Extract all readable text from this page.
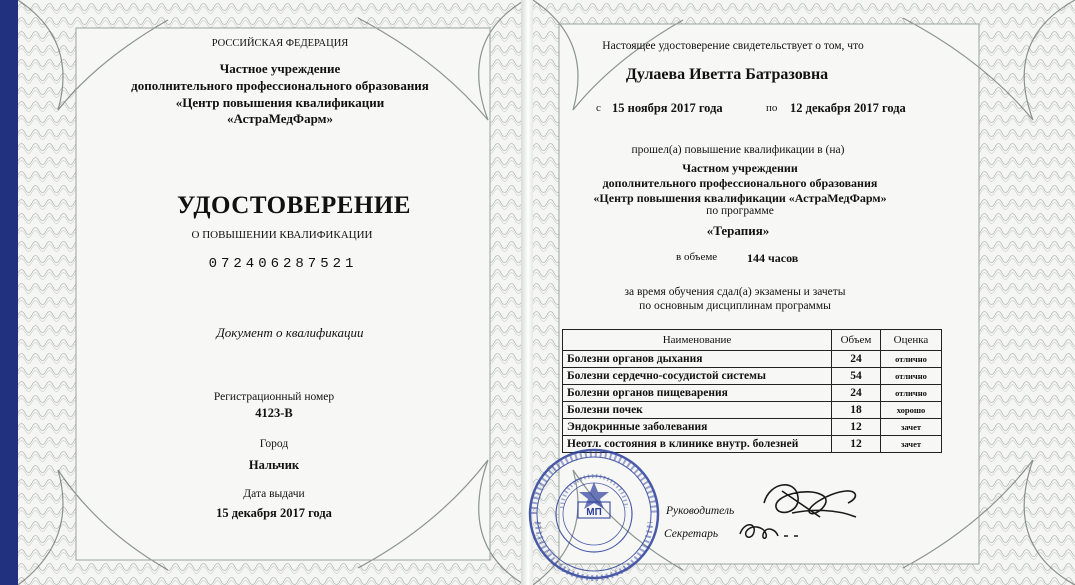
РОССИЙСКАЯ ФЕДЕРАЦИЯ
Частное учреждение
дополнительного профессионального образования
«Центр повышения квалификации
«АстраМедФарм»
УДОСТОВЕРЕНИЕ
О ПОВЫШЕНИИ КВАЛИФИКАЦИИ
072406287521
Документ о квалификации
Регистрационный номер
4123-В
Город
Нальчик
Дата выдачи
15 декабря 2017 года
Настоящее удостоверение свидетельствует о том, что
Дулаева Иветта Батразовна
с 15 ноября 2017 года	по 12 декабря 2017 года
прошел(а) повышение квалификации в (на)
Частном учреждении
дополнительного профессионального образования
«Центр повышения квалификации «АстраМедФарм»
по программе
«Терапия»
в объеме 144 часов
за время обучения сдал(а) экзамены и зачеты
по основным дисциплинам программы
Наименование	Объем	Оценка
Болезни органов дыхания	24	отлично
Болезни сердечно-сосудистой системы	54	отлично
Болезни органов пищеварения	24	отлично
Болезни почек	18	хорошо
Эндокринные заболевания	12	зачет
Неотл. состояния в клинике внутр. болезней	12	зачет
Руководитель
Секретарь
МП
